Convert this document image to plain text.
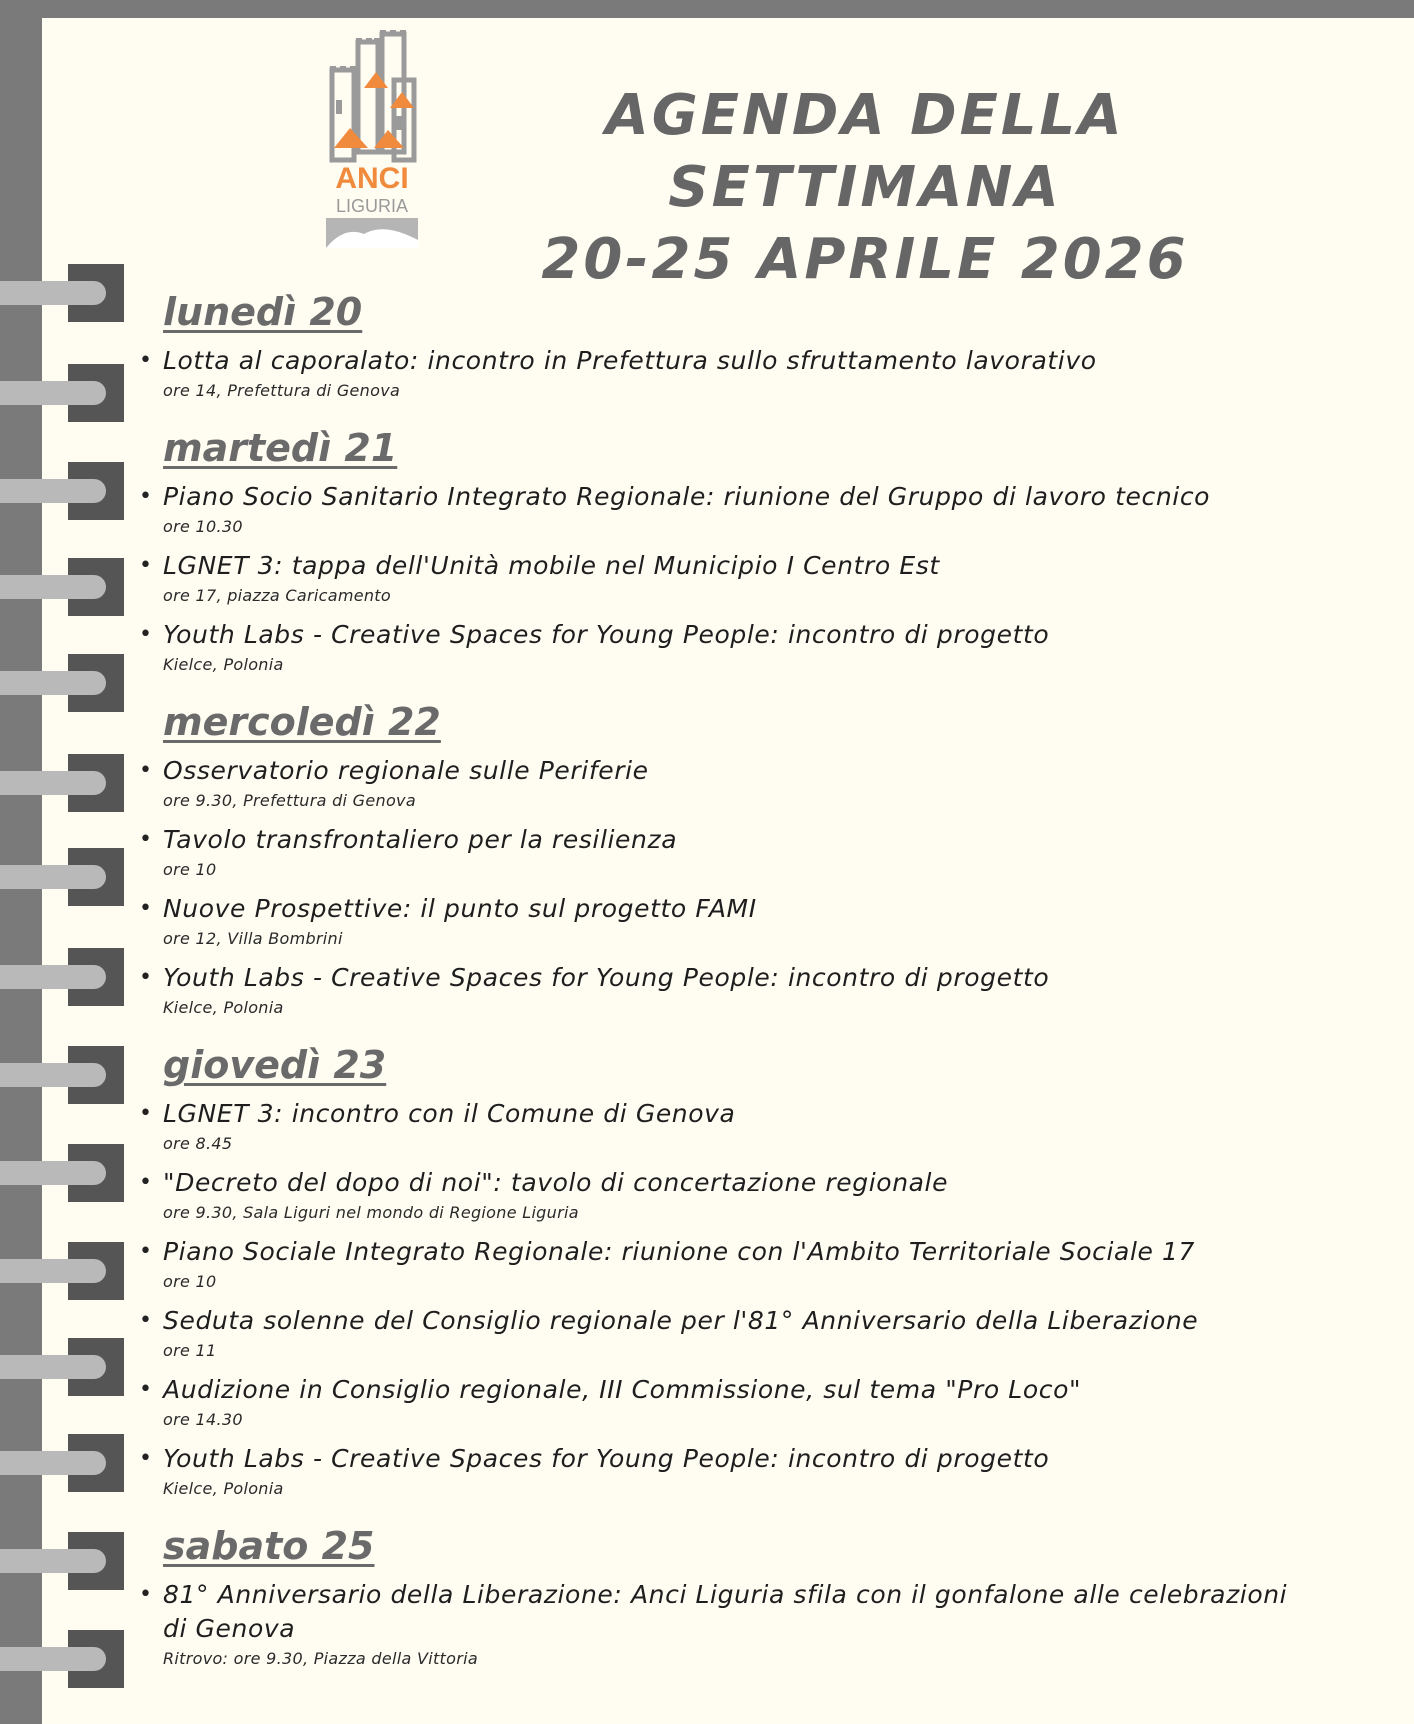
ANCI
LIGURIA
AGENDA DELLA SETTIMANA
20-25 APRILE 2026
lunedì 20
• Lotta al caporalato: incontro in Prefettura sullo sfruttamento lavorativo
ore 14, Prefettura di Genova
martedì 21
• Piano Socio Sanitario Integrato Regionale: riunione del Gruppo di lavoro tecnico
ore 10.30
• LGNET 3: tappa dell'Unità mobile nel Municipio I Centro Est
ore 17, piazza Caricamento
• Youth Labs - Creative Spaces for Young People: incontro di progetto
Kielce, Polonia
mercoledì 22
• Osservatorio regionale sulle Periferie
ore 9.30, Prefettura di Genova
• Tavolo transfrontaliero per la resilienza
ore 10
• Nuove Prospettive: il punto sul progetto FAMI
ore 12, Villa Bombrini
• Youth Labs - Creative Spaces for Young People: incontro di progetto
Kielce, Polonia
giovedì 23
• LGNET 3: incontro con il Comune di Genova
ore 8.45
• "Decreto del dopo di noi": tavolo di concertazione regionale
ore 9.30, Sala Liguri nel mondo di Regione Liguria
• Piano Sociale Integrato Regionale: riunione con l'Ambito Territoriale Sociale 17
ore 10
• Seduta solenne del Consiglio regionale per l'81° Anniversario della Liberazione
ore 11
• Audizione in Consiglio regionale, III Commissione, sul tema "Pro Loco"
ore 14.30
• Youth Labs - Creative Spaces for Young People: incontro di progetto
Kielce, Polonia
sabato 25
• 81° Anniversario della Liberazione: Anci Liguria sfila con il gonfalone alle celebrazioni di Genova
Ritrovo: ore 9.30, Piazza della Vittoria
